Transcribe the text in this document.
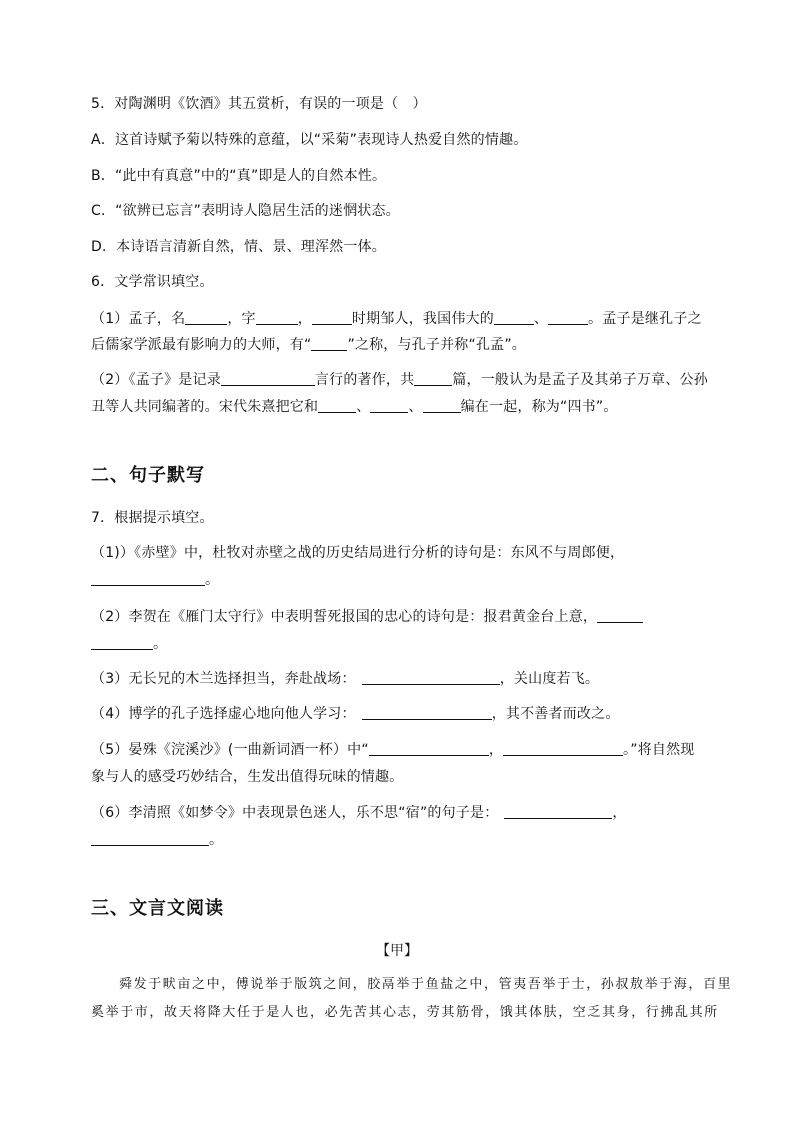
5．对陶渊明《饮酒》其五赏析，有误的一项是（　）
A．这首诗赋予菊以特殊的意蕴，以“采菊”表现诗人热爱自然的情趣。
B．“此中有真意”中的“真”即是人的自然本性。
C．“欲辨已忘言”表明诗人隐居生活的迷惘状态。
D．本诗语言清新自然，情、景、理浑然一体。
6．文学常识填空。
（1）孟子，名	，字	，	时期邹人，我国伟大的	、	。孟子是继孔子之
后儒家学派最有影响力的大师，有“	”之称，与孔子并称“孔孟”。
（2）《孟子》是记录	言行的著作，共	篇，一般认为是孟子及其弟子万章、公孙
丑等人共同编著的。宋代朱熹把它和	、	、	编在一起，称为“四书”。
二、句子默写
7．根据提示填空。
（1)）《赤壁》中，杜牧对赤壁之战的历史结局进行分析的诗句是：东风不与周郎便，
。
（2）李贺在《雁门太守行》中表明誓死报国的忠心的诗句是：报君黄金台上意，
。
（3）无长兄的木兰选择担当，奔赴战场：	，关山度若飞。
（4）博学的孔子选择虚心地向他人学习：	，其不善者而改之。
（5）晏殊《浣溪沙》(一曲新词酒一杯）中“	，	。”将自然现
象与人的感受巧妙结合，生发出值得玩味的情趣。
（6）李清照《如梦令》中表现景色迷人，乐不思“宿”的句子是：	，
。
三、文言文阅读
【甲】
舜发于畎亩之中，傅说举于版筑之间，胶鬲举于鱼盐之中，管夷吾举于士，孙叔敖举于海，百里
奚举于市，故天将降大任于是人也，必先苦其心志，劳其筋骨，饿其体肤，空乏其身，行拂乱其所
